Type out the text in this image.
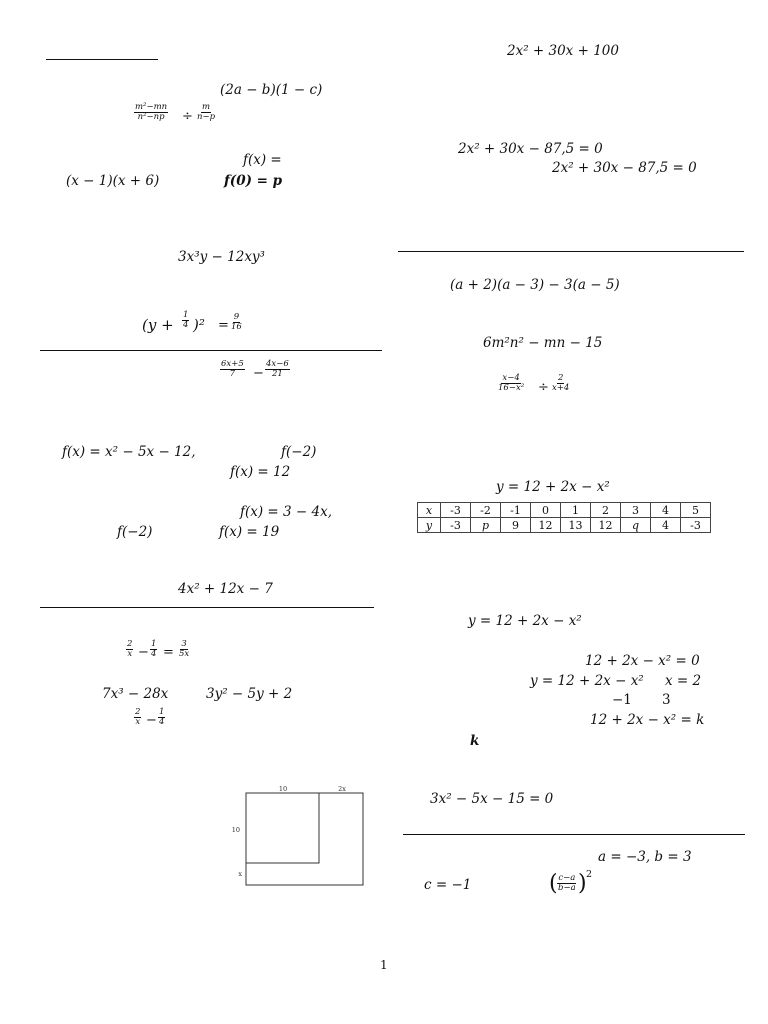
(2a − b)(1 − c)
$\frac{\text{m²−mn}}{\text{n²−np}} \div \frac{m}{n-p}$
f(x) =
(x − 1)(x + 6)	f(0) = p
3x³y − 12xy³
$(y + \frac{1}{4} )^2 = \frac{9}{16}$
$\frac{6x+5}{7} - \frac{4x-6}{21}$
f(x) = x² − 5x − 12,	f(−2)
f(x) = 12
f(x) = 3 − 4x,
f(−2)	f(x) = 19
4x² + 12x − 7
$\frac{2}{x} - \frac{1}{4} = \frac{3}{5x}$
7x³ − 28x	3y² − 5y + 2
$\frac{2}{x} - \frac{1}{4}$
10	2x
10
x
2x² + 30x + 100
2x² + 30x − 87,5 = 0
2x² + 30x − 87,5 = 0
(a + 2)(a − 3) − 3(a − 5)
6m²n² − mn − 15
$\frac{x-4}{\text{16−x²}} \div \frac{2}{x+4}$
y = 12 + 2x − x²
x	-3	-2	-1	0	1	2	3	4	5
y	-3	p	9	12	13	12	q	4	-3
y = 12 + 2x − x²
12 + 2x − x² = 0
y = 12 + 2x − x² x = 2
−1 3
12 + 2x − x² = k
k
3x² − 5x − 15 = 0
a = −3, b = 3
c = −1	( $\frac{c-a}{b-a}$ ) 2
1
